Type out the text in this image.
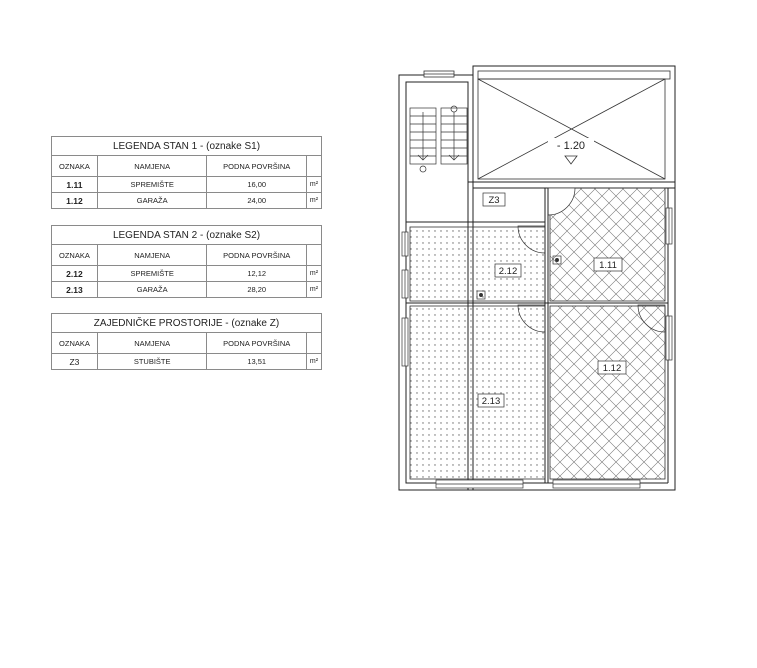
LEGENDA STAN 1 - (oznake S1)			
OZNAKA	NAMJENA	PODNA POVRŠINA	
1.11	SPREMIŠTE	16,00	m²
1.12	GARAŽA	24,00	m²
LEGENDA STAN 2 - (oznake S2)			
OZNAKA	NAMJENA	PODNA POVRŠINA	
2.12	SPREMIŠTE	12,12	m²
2.13	GARAŽA	28,20	m²
ZAJEDNIČKE PROSTORIJE - (oznake Z)			
OZNAKA	NAMJENA	PODNA POVRŠINA	
Z3	STUBIŠTE	13,51	m²
- 1.20
Z3
2.12
1.11
2.13
1.12
